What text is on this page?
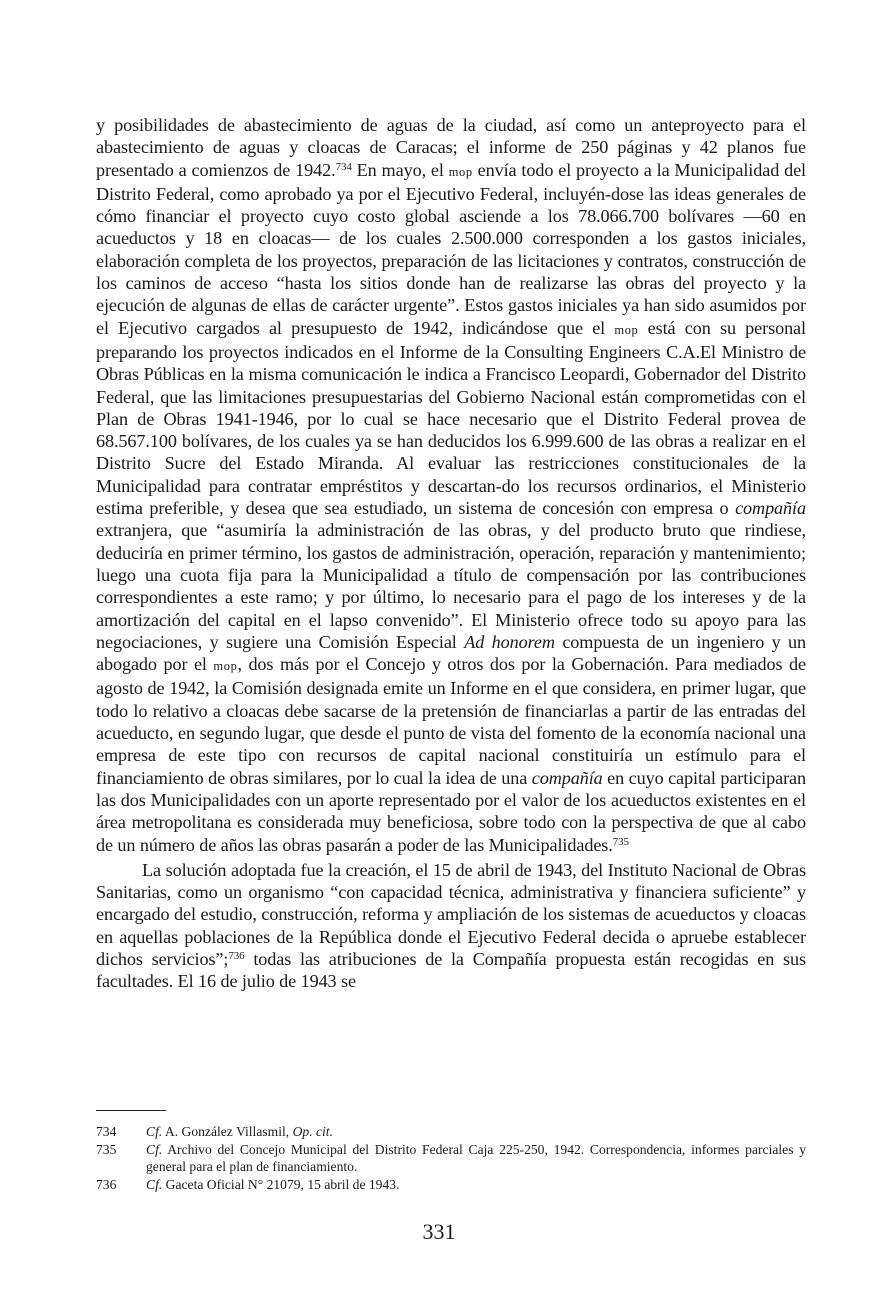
y posibilidades de abastecimiento de aguas de la ciudad, así como un anteproyecto para el abastecimiento de aguas y cloacas de Caracas; el informe de 250 páginas y 42 planos fue presentado a comienzos de 1942.$^{734}$ En mayo, el mop envía todo el proyecto a la Municipalidad del Distrito Federal, como aprobado ya por el Ejecutivo Federal, incluyén-dose las ideas generales de cómo financiar el proyecto cuyo costo global asciende a los 78.066.700 bolívares —60 en acueductos y 18 en cloacas— de los cuales 2.500.000 corresponden a los gastos iniciales, elaboración completa de los proyectos, preparación de las licitaciones y contratos, construcción de los caminos de acceso “hasta los sitios donde han de realizarse las obras del proyecto y la ejecución de algunas de ellas de carácter urgente”. Estos gastos iniciales ya han sido asumidos por el Ejecutivo cargados al presupuesto de 1942, indicándose que el mop está con su personal preparando los proyectos indicados en el Informe de la Consulting Engineers C.A.El Ministro de Obras Públicas en la misma comunicación le indica a Francisco Leopardi, Gobernador del Distrito Federal, que las limitaciones presupuestarias del Gobierno Nacional están comprometidas con el Plan de Obras 1941-1946, por lo cual se hace necesario que el Distrito Federal provea de 68.567.100 bolívares, de los cuales ya se han deducidos los 6.999.600 de las obras a realizar en el Distrito Sucre del Estado Miranda. Al evaluar las restricciones constitucionales de la Municipalidad para contratar empréstitos y descartan-do los recursos ordinarios, el Ministerio estima preferible, y desea que sea estudiado, un sistema de concesión con empresa o compañía extranjera, que “asumiría la administración de las obras, y del producto bruto que rindiese, deduciría en primer término, los gastos de administración, operación, reparación y mantenimiento; luego una cuota fija para la Municipalidad a título de compensación por las contribuciones correspondientes a este ramo; y por último, lo necesario para el pago de los intereses y de la amortización del capital en el lapso convenido”. El Ministerio ofrece todo su apoyo para las negociaciones, y sugiere una Comisión Especial Ad honorem compuesta de un ingeniero y un abogado por el mop, dos más por el Concejo y otros dos por la Gobernación. Para mediados de agosto de 1942, la Comisión designada emite un Informe en el que considera, en primer lugar, que todo lo relativo a cloacas debe sacarse de la pretensión de financiarlas a partir de las entradas del acueducto, en segundo lugar, que desde el punto de vista del fomento de la economía nacional una empresa de este tipo con recursos de capital nacional constituiría un estímulo para el financiamiento de obras similares, por lo cual la idea de una compañía en cuyo capital participaran las dos Municipalidades con un aporte representado por el valor de los acueductos existentes en el área metropolitana es considerada muy beneficiosa, sobre todo con la perspectiva de que al cabo de un número de años las obras pasarán a poder de las Municipalidades.$^{735}$

La solución adoptada fue la creación, el 15 de abril de 1943, del Instituto Nacional de Obras Sanitarias, como un organismo “con capacidad técnica, administrativa y financiera suficiente” y encargado del estudio, construcción, reforma y ampliación de los sistemas de acueductos y cloacas en aquellas poblaciones de la República donde el Ejecutivo Federal decida o apruebe establecer dichos servicios”;$^{736}$ todas las atribuciones de la Compañía propuesta están recogidas en sus facultades. El 16 de julio de 1943 se

734	Cf. A. González Villasmil, Op. cit.
735	Cf. Archivo del Concejo Municipal del Distrito Federal Caja 225-250, 1942. Correspondencia, informes parciales y general para el plan de financiamiento.
736	Cf. Gaceta Oficial N° 21079, 15 abril de 1943.
331
